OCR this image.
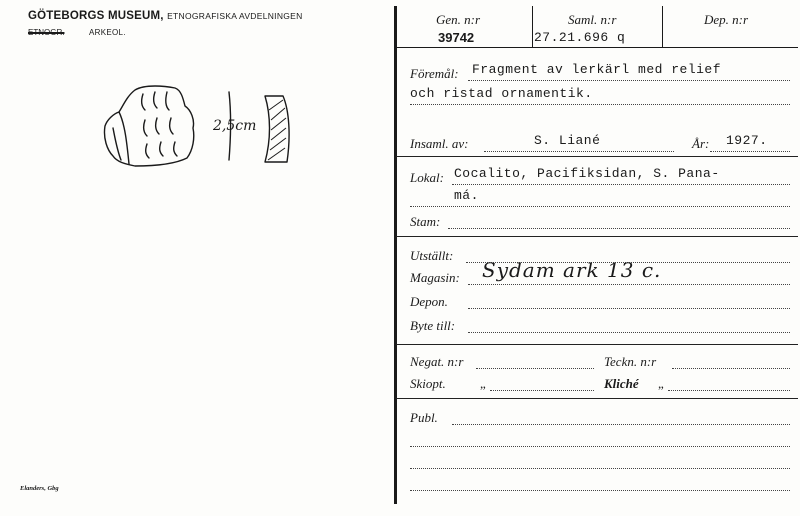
GÖTEBORGS MUSEUM, ETNOGRAFISKA AVDELNINGEN
ETNOGR.	ARKEOL.
2,5cm
Elanders, Gbg
Gen. n:r
39742
Saml. n:r
27.21.696 q
Dep. n:r
Föremål: Fragment av lerkärl med relief
och ristad ornamentik.
Insaml. av:	S. Liané	År: 1927.
Lokal: Cocalito, Pacifiksidan, S. Pana-
má.
Stam:
Utställt:
Magasin: Sydam ark 13 c.
Depon.
Byte till:
Negat. n:r	Teckn. n:r
Skiopt.	„	Kliché „
Publ.
